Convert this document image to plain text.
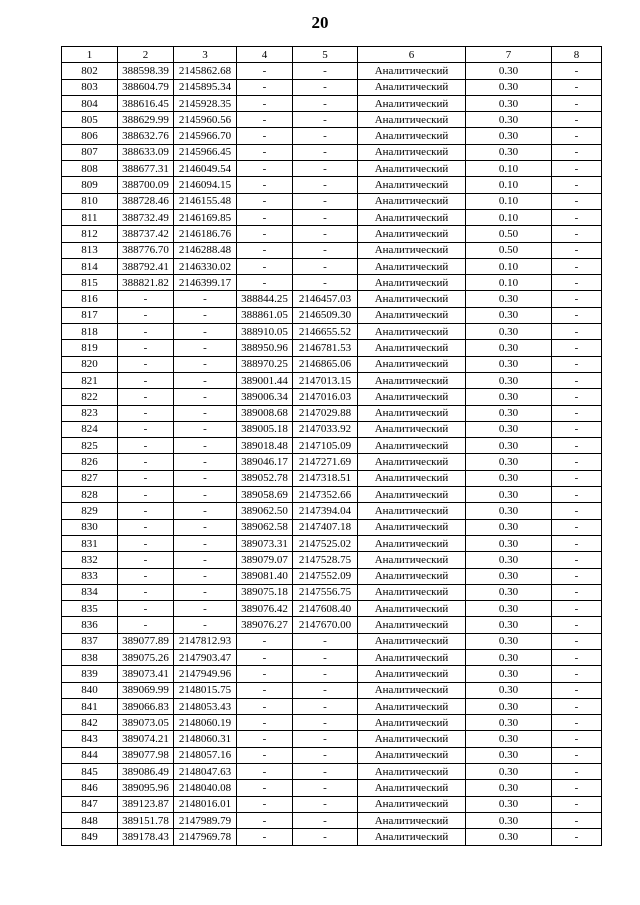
20
1	2	3	4	5	6	7	8
802	388598.39	2145862.68	-	-	Аналитический	0.30	-
803	388604.79	2145895.34	-	-	Аналитический	0.30	-
804	388616.45	2145928.35	-	-	Аналитический	0.30	-
805	388629.99	2145960.56	-	-	Аналитический	0.30	-
806	388632.76	2145966.70	-	-	Аналитический	0.30	-
807	388633.09	2145966.45	-	-	Аналитический	0.30	-
808	388677.31	2146049.54	-	-	Аналитический	0.10	-
809	388700.09	2146094.15	-	-	Аналитический	0.10	-
810	388728.46	2146155.48	-	-	Аналитический	0.10	-
811	388732.49	2146169.85	-	-	Аналитический	0.10	-
812	388737.42	2146186.76	-	-	Аналитический	0.50	-
813	388776.70	2146288.48	-	-	Аналитический	0.50	-
814	388792.41	2146330.02	-	-	Аналитический	0.10	-
815	388821.82	2146399.17	-	-	Аналитический	0.10	-
816	-	-	388844.25	2146457.03	Аналитический	0.30	-
817	-	-	388861.05	2146509.30	Аналитический	0.30	-
818	-	-	388910.05	2146655.52	Аналитический	0.30	-
819	-	-	388950.96	2146781.53	Аналитический	0.30	-
820	-	-	388970.25	2146865.06	Аналитический	0.30	-
821	-	-	389001.44	2147013.15	Аналитический	0.30	-
822	-	-	389006.34	2147016.03	Аналитический	0.30	-
823	-	-	389008.68	2147029.88	Аналитический	0.30	-
824	-	-	389005.18	2147033.92	Аналитический	0.30	-
825	-	-	389018.48	2147105.09	Аналитический	0.30	-
826	-	-	389046.17	2147271.69	Аналитический	0.30	-
827	-	-	389052.78	2147318.51	Аналитический	0.30	-
828	-	-	389058.69	2147352.66	Аналитический	0.30	-
829	-	-	389062.50	2147394.04	Аналитический	0.30	-
830	-	-	389062.58	2147407.18	Аналитический	0.30	-
831	-	-	389073.31	2147525.02	Аналитический	0.30	-
832	-	-	389079.07	2147528.75	Аналитический	0.30	-
833	-	-	389081.40	2147552.09	Аналитический	0.30	-
834	-	-	389075.18	2147556.75	Аналитический	0.30	-
835	-	-	389076.42	2147608.40	Аналитический	0.30	-
836	-	-	389076.27	2147670.00	Аналитический	0.30	-
837	389077.89	2147812.93	-	-	Аналитический	0.30	-
838	389075.26	2147903.47	-	-	Аналитический	0.30	-
839	389073.41	2147949.96	-	-	Аналитический	0.30	-
840	389069.99	2148015.75	-	-	Аналитический	0.30	-
841	389066.83	2148053.43	-	-	Аналитический	0.30	-
842	389073.05	2148060.19	-	-	Аналитический	0.30	-
843	389074.21	2148060.31	-	-	Аналитический	0.30	-
844	389077.98	2148057.16	-	-	Аналитический	0.30	-
845	389086.49	2148047.63	-	-	Аналитический	0.30	-
846	389095.96	2148040.08	-	-	Аналитический	0.30	-
847	389123.87	2148016.01	-	-	Аналитический	0.30	-
848	389151.78	2147989.79	-	-	Аналитический	0.30	-
849	389178.43	2147969.78	-	-	Аналитический	0.30	-
